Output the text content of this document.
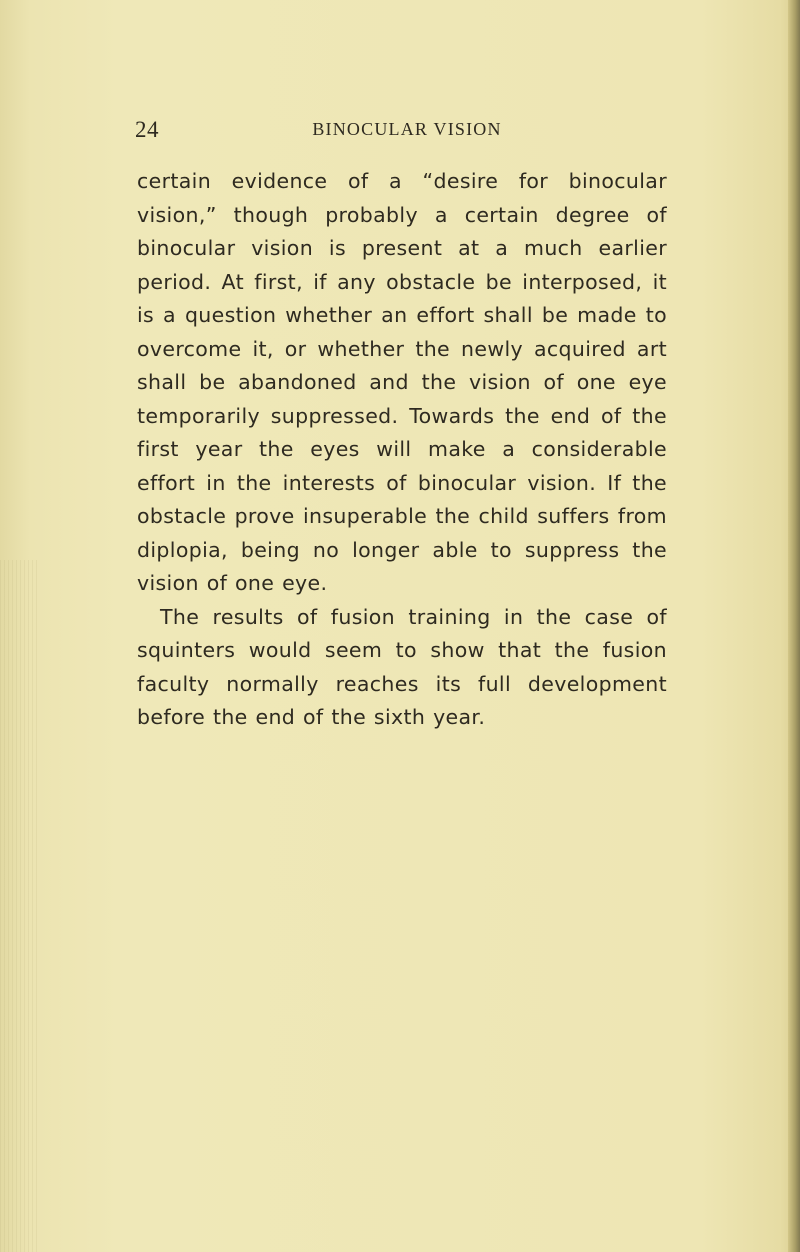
24	BINOCULAR VISION

certain evidence of a “desire for binocular vision,” though probably a certain degree of binocular vision is present at a much earlier period. At first, if any obstacle be interposed, it is a question whether an effort shall be made to overcome it, or whether the newly acquired art shall be abandoned and the vision of one eye temporarily suppressed. Towards the end of the first year the eyes will make a considerable effort in the interests of binocular vision. If the obstacle prove insuperable the child suffers from diplopia, being no longer able to suppress the vision of one eye.

The results of fusion training in the case of squinters would seem to show that the fusion faculty normally reaches its full development before the end of the sixth year.
